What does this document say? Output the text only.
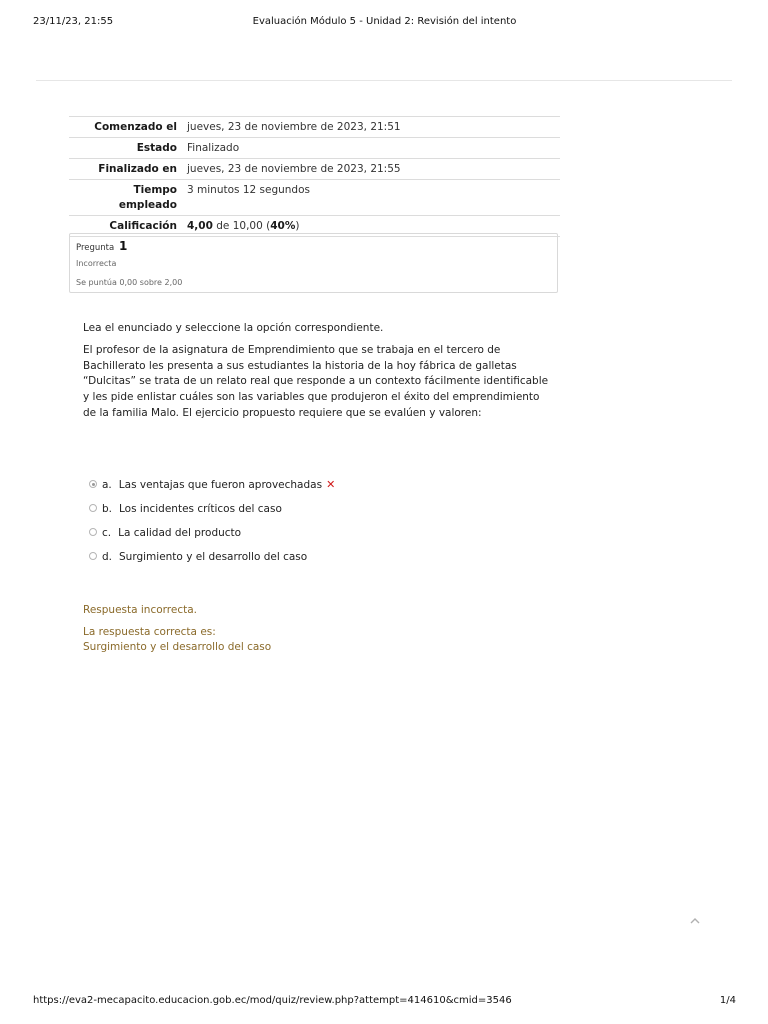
23/11/23, 21:55	Evaluación Módulo 5 - Unidad 2: Revisión del intento
Comenzado el	jueves, 23 de noviembre de 2023, 21:51
Estado	Finalizado
Finalizado en	jueves, 23 de noviembre de 2023, 21:55
Tiempo
empleado	3 minutos 12 segundos
Calificación	4,00 de 10,00 (40%)
Pregunta 1
Incorrecta
Se puntúa 0,00 sobre 2,00

Lea el enunciado y seleccione la opción correspondiente.

El profesor de la asignatura de Emprendimiento que se trabaja en el tercero de Bachillerato les presenta a sus estudiantes la historia de la hoy fábrica de galletas “Dulcitas” se trata de un relato real que responde a un contexto fácilmente identificable y les pide enlistar cuáles son las variables que produjeron el éxito del emprendimiento de la familia Malo. El ejercicio propuesto requiere que se evalúen y valoren:

a. Las ventajas que fueron aprovechadas ✕
b. Los incidentes críticos del caso
c. La calidad del producto
d. Surgimiento y el desarrollo del caso
Respuesta incorrecta.
La respuesta correcta es:
Surgimiento y el desarrollo del caso
https://eva2-mecapacito.educacion.gob.ec/mod/quiz/review.php?attempt=414610&cmid=3546	1/4
